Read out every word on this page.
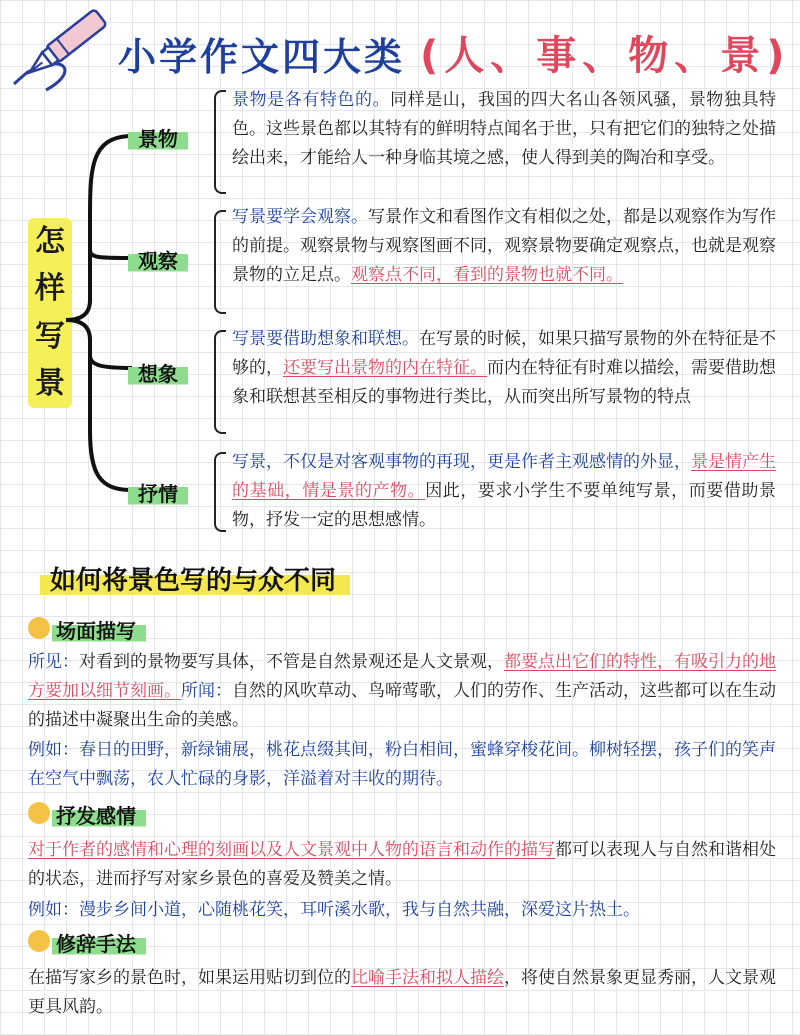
小学作文四大类 (人、事、物、景)
怎
样
写
景
景物
景物是各有特色的。同样是山，我国的四大名山各领风骚，景物独具特色。这些景色都以其特有的鲜明特点闻名于世，只有把它们的独特之处描绘出来，才能给人一种身临其境之感，使人得到美的陶冶和享受。
观察
写景要学会观察。写景作文和看图作文有相似之处，都是以观察作为写作的前提。观察景物与观察图画不同，观察景物要确定观察点，也就是观察景物的立足点。观察点不同，看到的景物也就不同。
想象
写景要借助想象和联想。在写景的时候，如果只描写景物的外在特征是不够的，还要写出景物的内在特征。而内在特征有时难以描绘，需要借助想象和联想甚至相反的事物进行类比，从而突出所写景物的特点
抒情
写景，不仅是对客观事物的再现，更是作者主观感情的外显，景是情产生的基础，情是景的产物。因此，要求小学生不要单纯写景，而要借助景物，抒发一定的思想感情。
如何将景色写的与众不同
场面描写
所见：对看到的景物要写具体，不管是自然景观还是人文景观，都要点出它们的特性，有吸引力的地方要加以细节刻画。所闻：自然的风吹草动、鸟啼莺歌，人们的劳作、生产活动，这些都可以在生动的描述中凝聚出生命的美感。
例如：春日的田野，新绿铺展，桃花点缀其间，粉白相间，蜜蜂穿梭花间。柳树轻摆，孩子们的笑声在空气中飘荡，农人忙碌的身影，洋溢着对丰收的期待。
抒发感情
对于作者的感情和心理的刻画以及人文景观中人物的语言和动作的描写都可以表现人与自然和谐相处的状态，进而抒写对家乡景色的喜爱及赞美之情。
例如：漫步乡间小道，心随桃花笑，耳听溪水歌，我与自然共融，深爱这片热土。
修辞手法
在描写家乡的景色时，如果运用贴切到位的比喻手法和拟人描绘，将使自然景象更显秀丽，人文景观更具风韵。
